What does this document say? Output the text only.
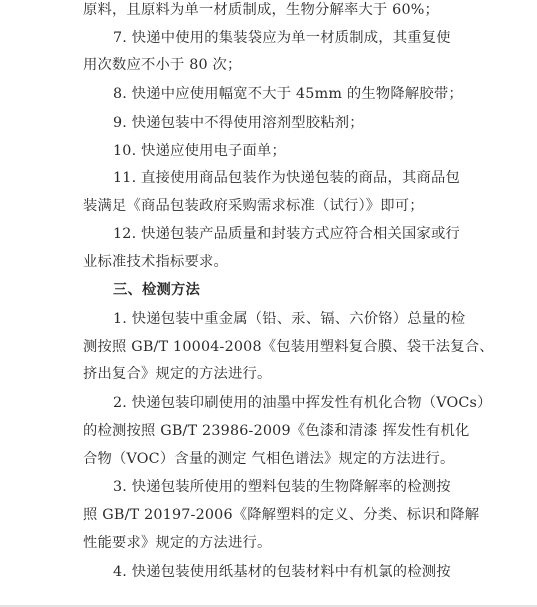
原料，且原料为单一材质制成，生物分解率大于 60%；
7. 快递中使用的集装袋应为单一材质制成，其重复使
用次数应不小于 80 次；
8. 快递中应使用幅宽不大于 45mm 的生物降解胶带；
9. 快递包装中不得使用溶剂型胶粘剂；
10. 快递应使用电子面单；
11. 直接使用商品包装作为快递包装的商品，其商品包
装满足《商品包装政府采购需求标准（试行）》即可；
12. 快递包装产品质量和封装方式应符合相关国家或行
业标准技术指标要求。
三、检测方法
1. 快递包装中重金属（铅、汞、镉、六价铬）总量的检
测按照 GB/T 10004-2008《包装用塑料复合膜、袋干法复合、
挤出复合》规定的方法进行。
2. 快递包装印刷使用的油墨中挥发性有机化合物（VOCs）
的检测按照 GB/T 23986-2009《色漆和清漆 挥发性有机化
合物（VOC）含量的测定 气相色谱法》规定的方法进行。
3. 快递包装所使用的塑料包装的生物降解率的检测按
照 GB/T 20197-2006《降解塑料的定义、分类、标识和降解
性能要求》规定的方法进行。
4. 快递包装使用纸基材的包装材料中有机氯的检测按
